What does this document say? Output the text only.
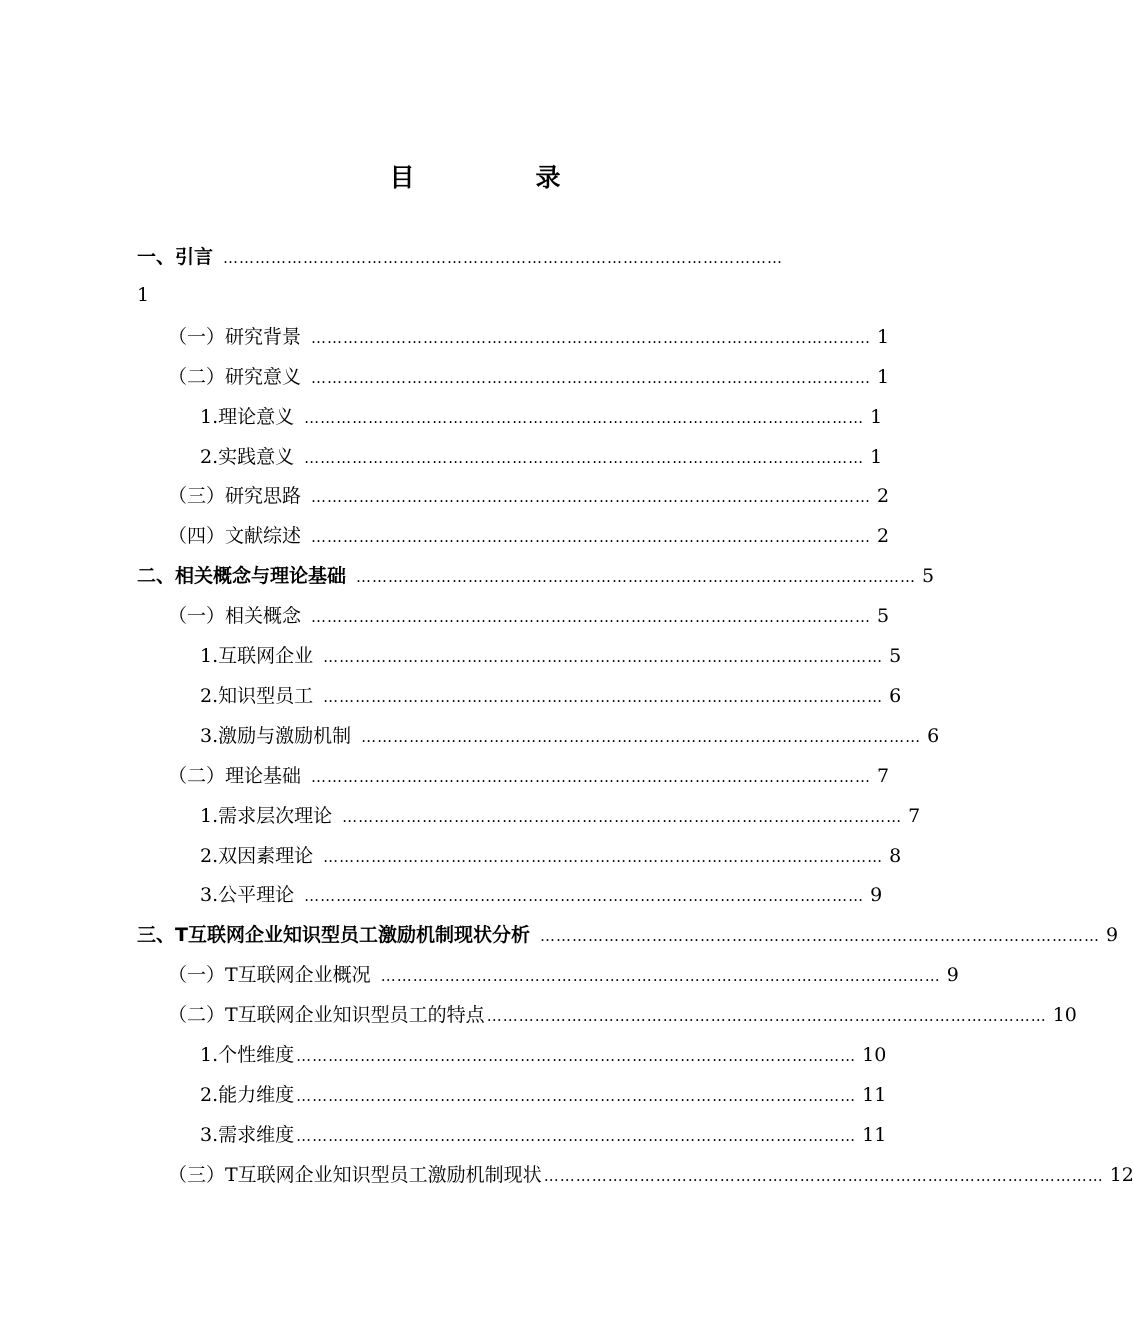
目　录
一、引言 ……………………………………………………………………………………………
1
（一）研究背景 …………………………………………………………………………………………… 1
（二）研究意义 …………………………………………………………………………………………… 1
1.理论意义 …………………………………………………………………………………………… 1
2.实践意义 …………………………………………………………………………………………… 1
（三）研究思路 …………………………………………………………………………………………… 2
（四）文献综述 …………………………………………………………………………………………… 2
二、相关概念与理论基础 …………………………………………………………………………………………… 5
（一）相关概念 …………………………………………………………………………………………… 5
1.互联网企业 …………………………………………………………………………………………… 5
2.知识型员工 …………………………………………………………………………………………… 6
3.激励与激励机制 …………………………………………………………………………………………… 6
（二）理论基础 …………………………………………………………………………………………… 7
1.需求层次理论 …………………………………………………………………………………………… 7
2.双因素理论 …………………………………………………………………………………………… 8
3.公平理论 …………………………………………………………………………………………… 9
三、T互联网企业知识型员工激励机制现状分析 …………………………………………………………………………………………… 9
（一）T互联网企业概况 …………………………………………………………………………………………… 9
（二）T互联网企业知识型员工的特点 …………………………………………………………………………………………… 10
1.个性维度 …………………………………………………………………………………………… 10
2.能力维度 …………………………………………………………………………………………… 11
3.需求维度 …………………………………………………………………………………………… 11
（三）T互联网企业知识型员工激励机制现状 …………………………………………………………………………………………… 12
